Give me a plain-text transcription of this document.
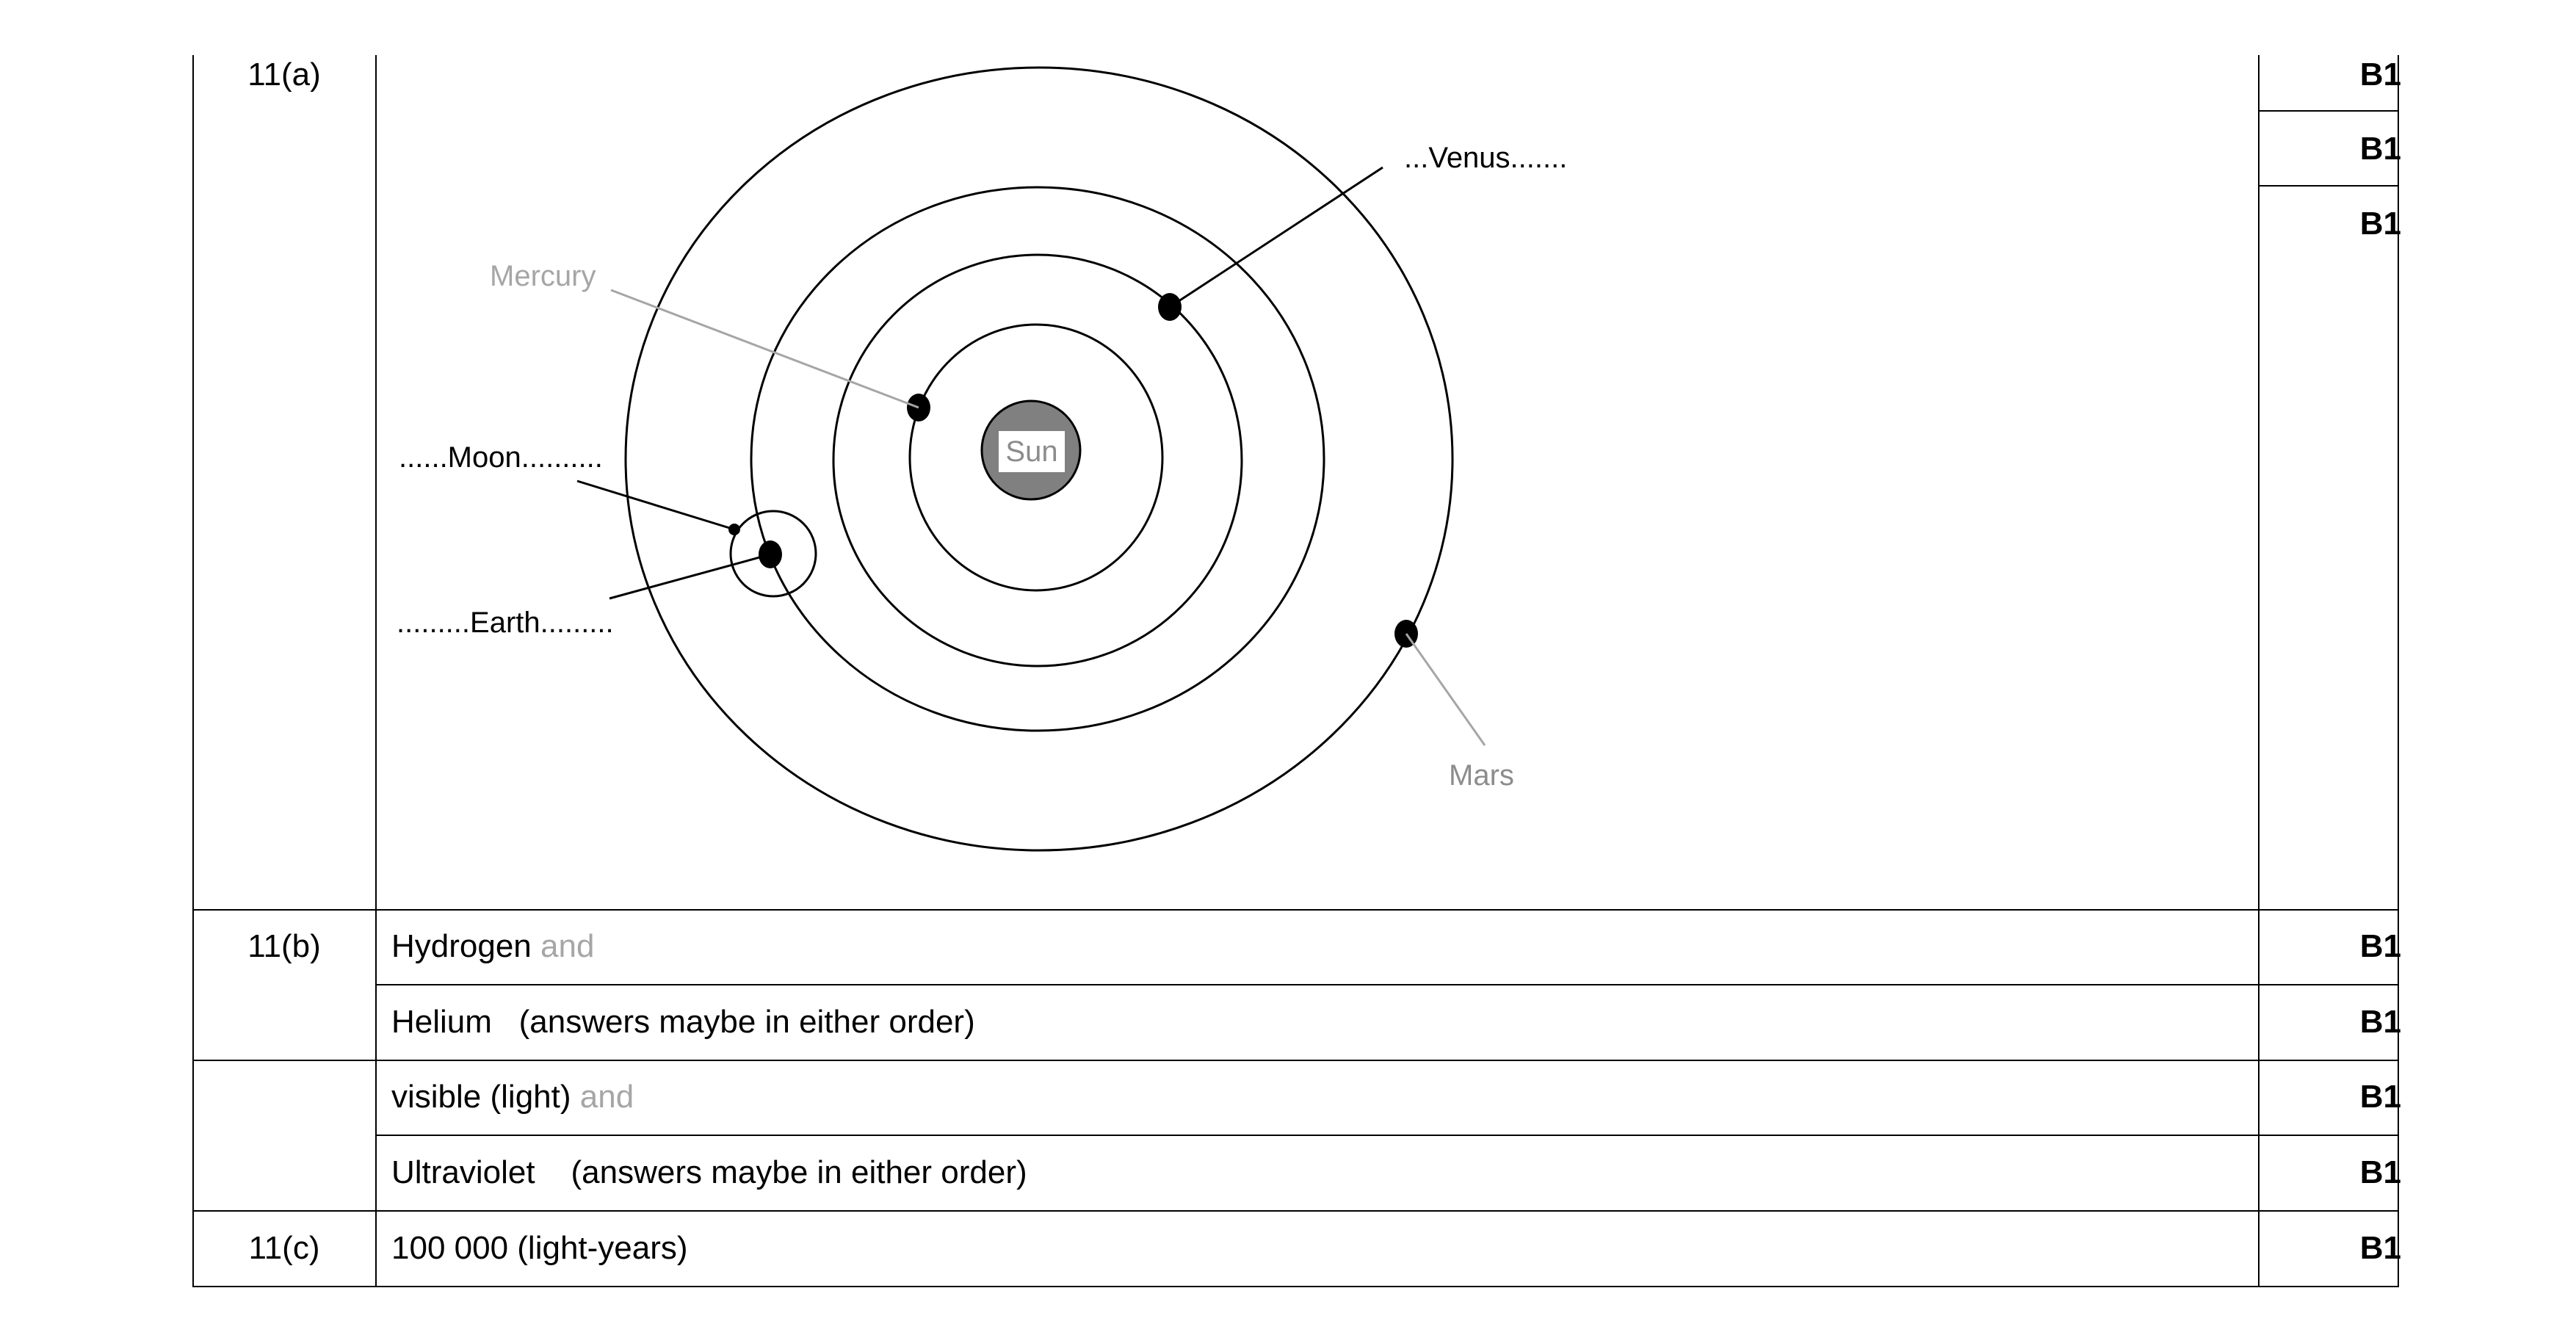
11(a)	B1
B1
B1
Sun
...Venus.......
Mercury
......Moon..........
.........Earth.........
Mars
11(b)	Hydrogen and	B1
Helium   (answers maybe in either order)	B1
visible (light) and	B1
Ultraviolet    (answers maybe in either order)	B1
11(c)	100 000 (light-years)	B1
